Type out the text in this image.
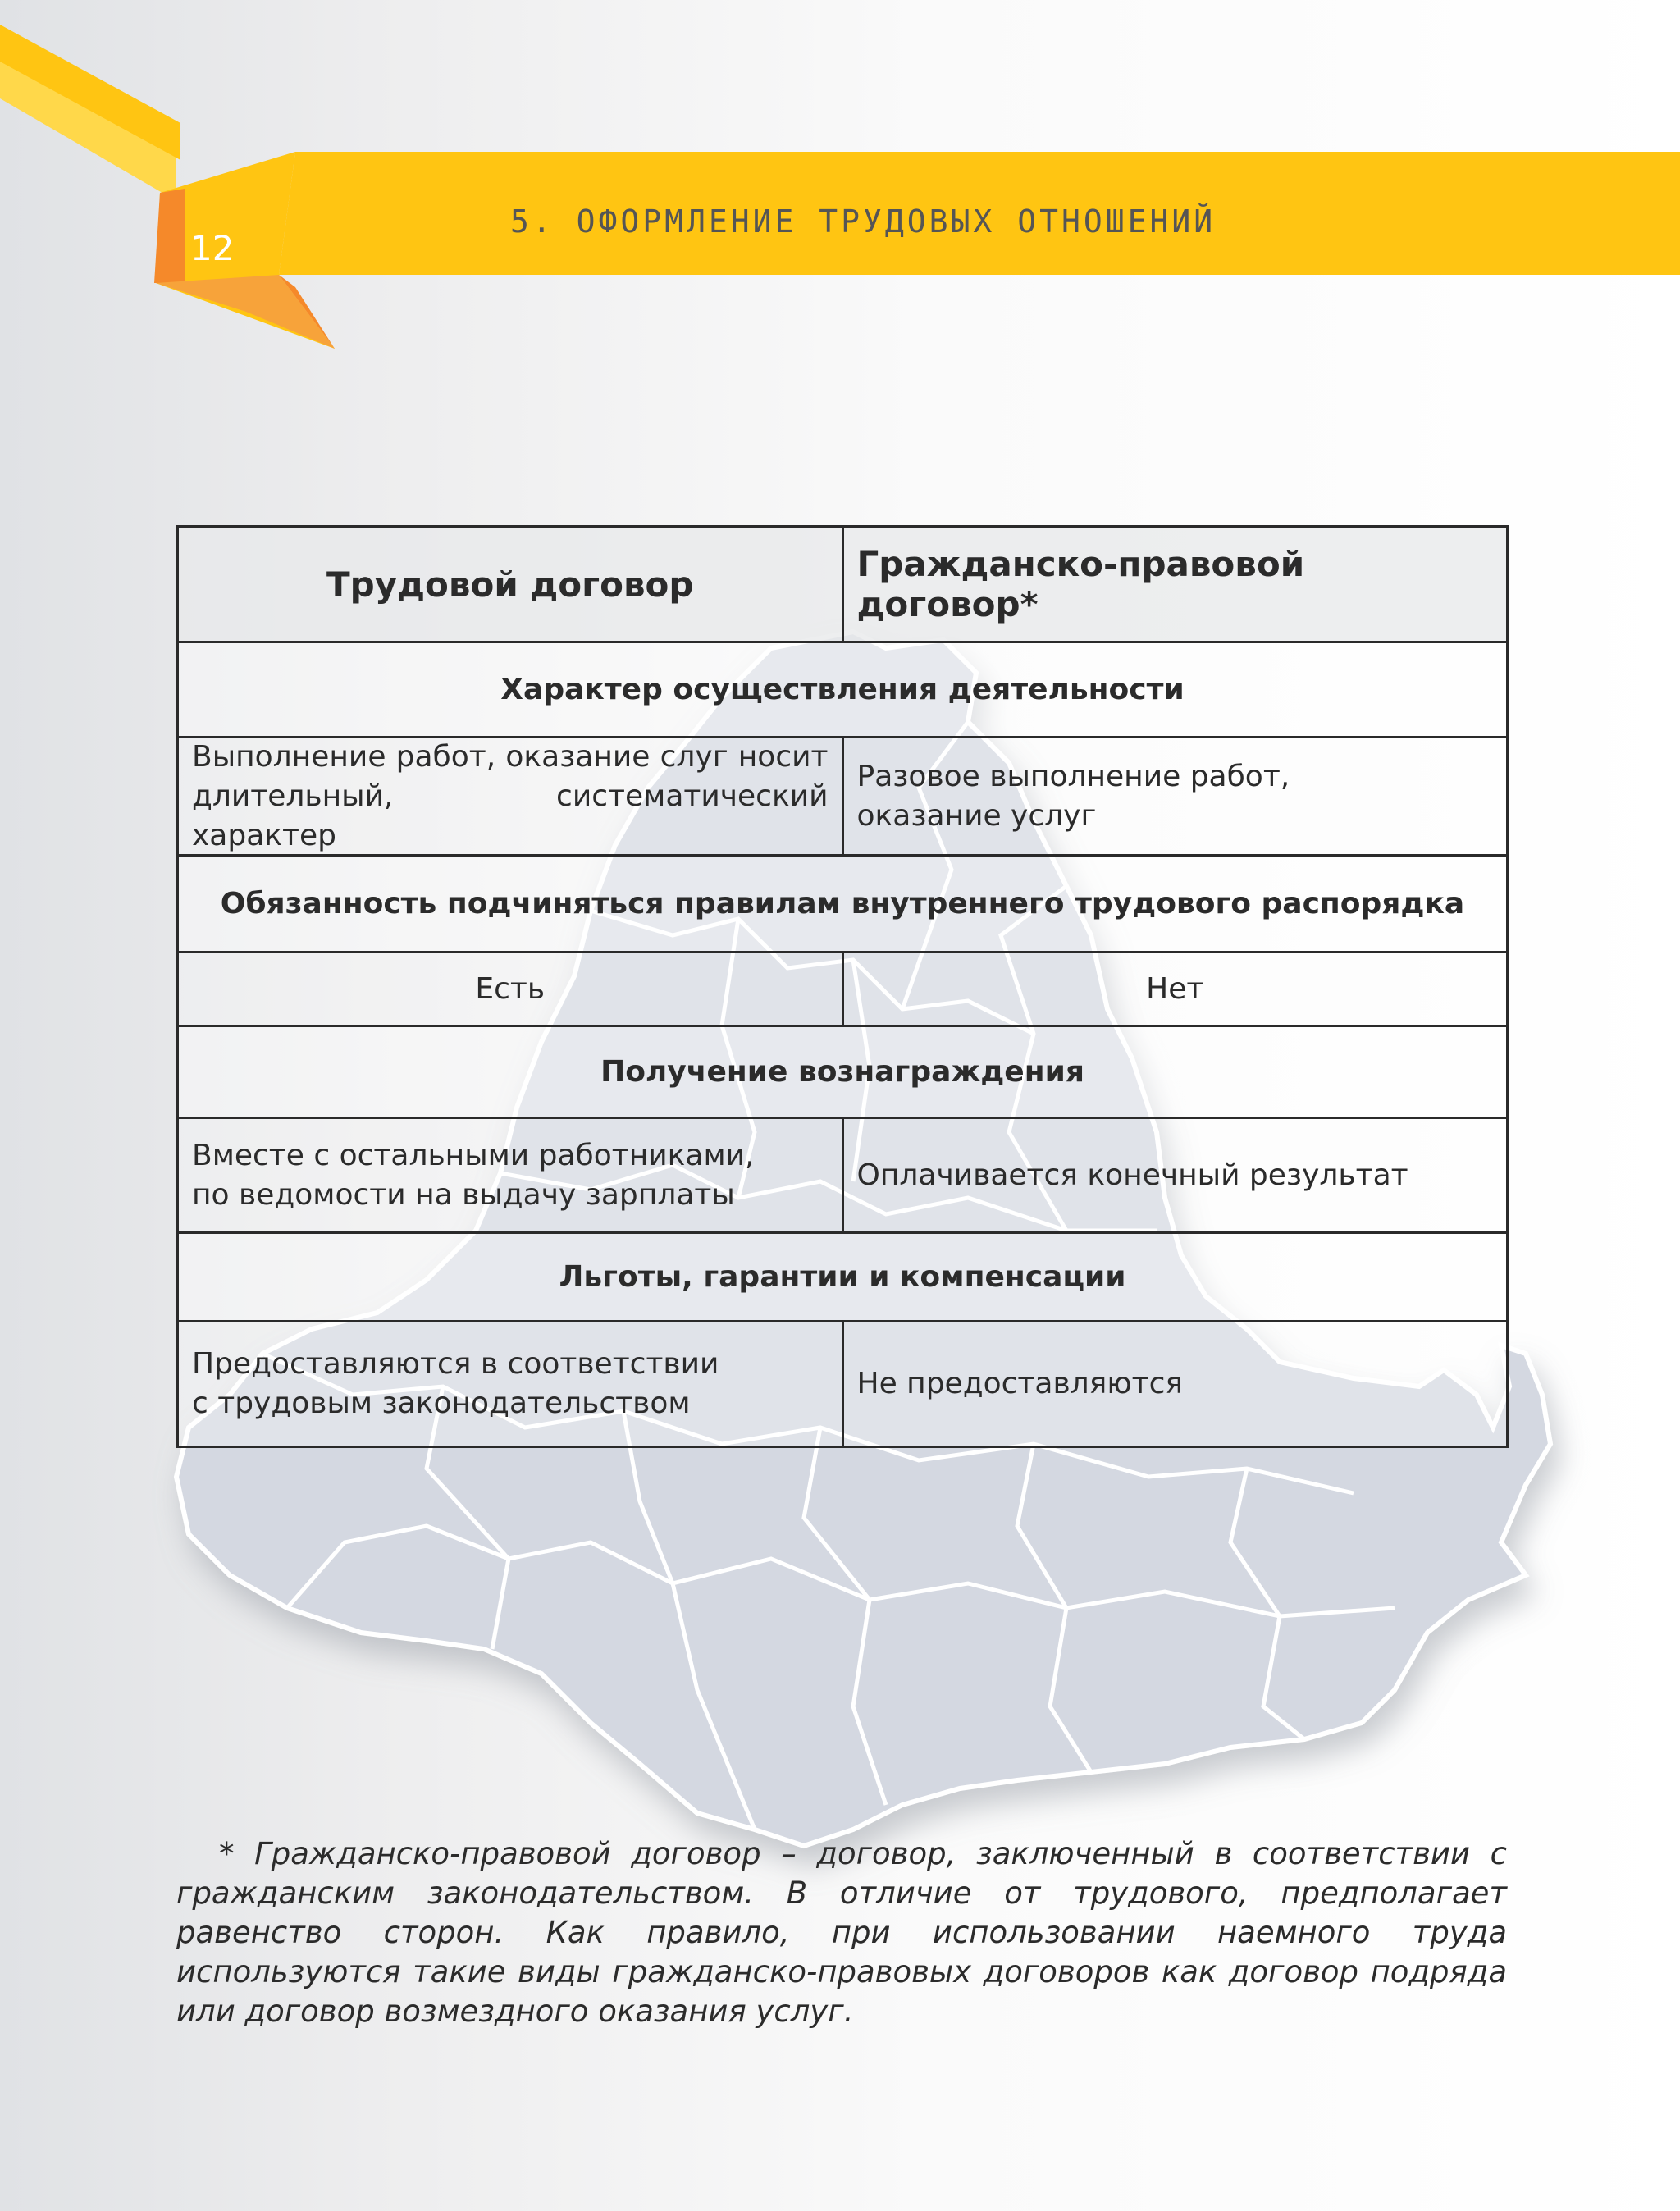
12
5. ОФОРМЛЕНИЕ ТРУДОВЫХ ОТНОШЕНИЙ
Трудовой договор	Гражданско-правовой договор*
Характер осуществления деятельности
Выполнение работ, оказание слуг носит длительный, систематический характер
Разовое выполнение работ,
оказание услуг
Обязанность подчиняться правилам внутреннего трудового распорядка
Есть	Нет
Получение вознаграждения
Вместе с остальными работниками,
по ведомости на выдачу зарплаты
Оплачивается конечный результат
Льготы, гарантии и компенсации
Предоставляются в соответствии
с трудовым законодательством
Не предоставляются
* Гражданско-правовой договор – договор, заключенный в соответствии с гражданским законодательством. В отличие от трудового, предполагает равенство сторон. Как правило, при использовании наемного труда используются такие виды гражданско-правовых договоров как договор подряда или договор возмездного оказания услуг.
